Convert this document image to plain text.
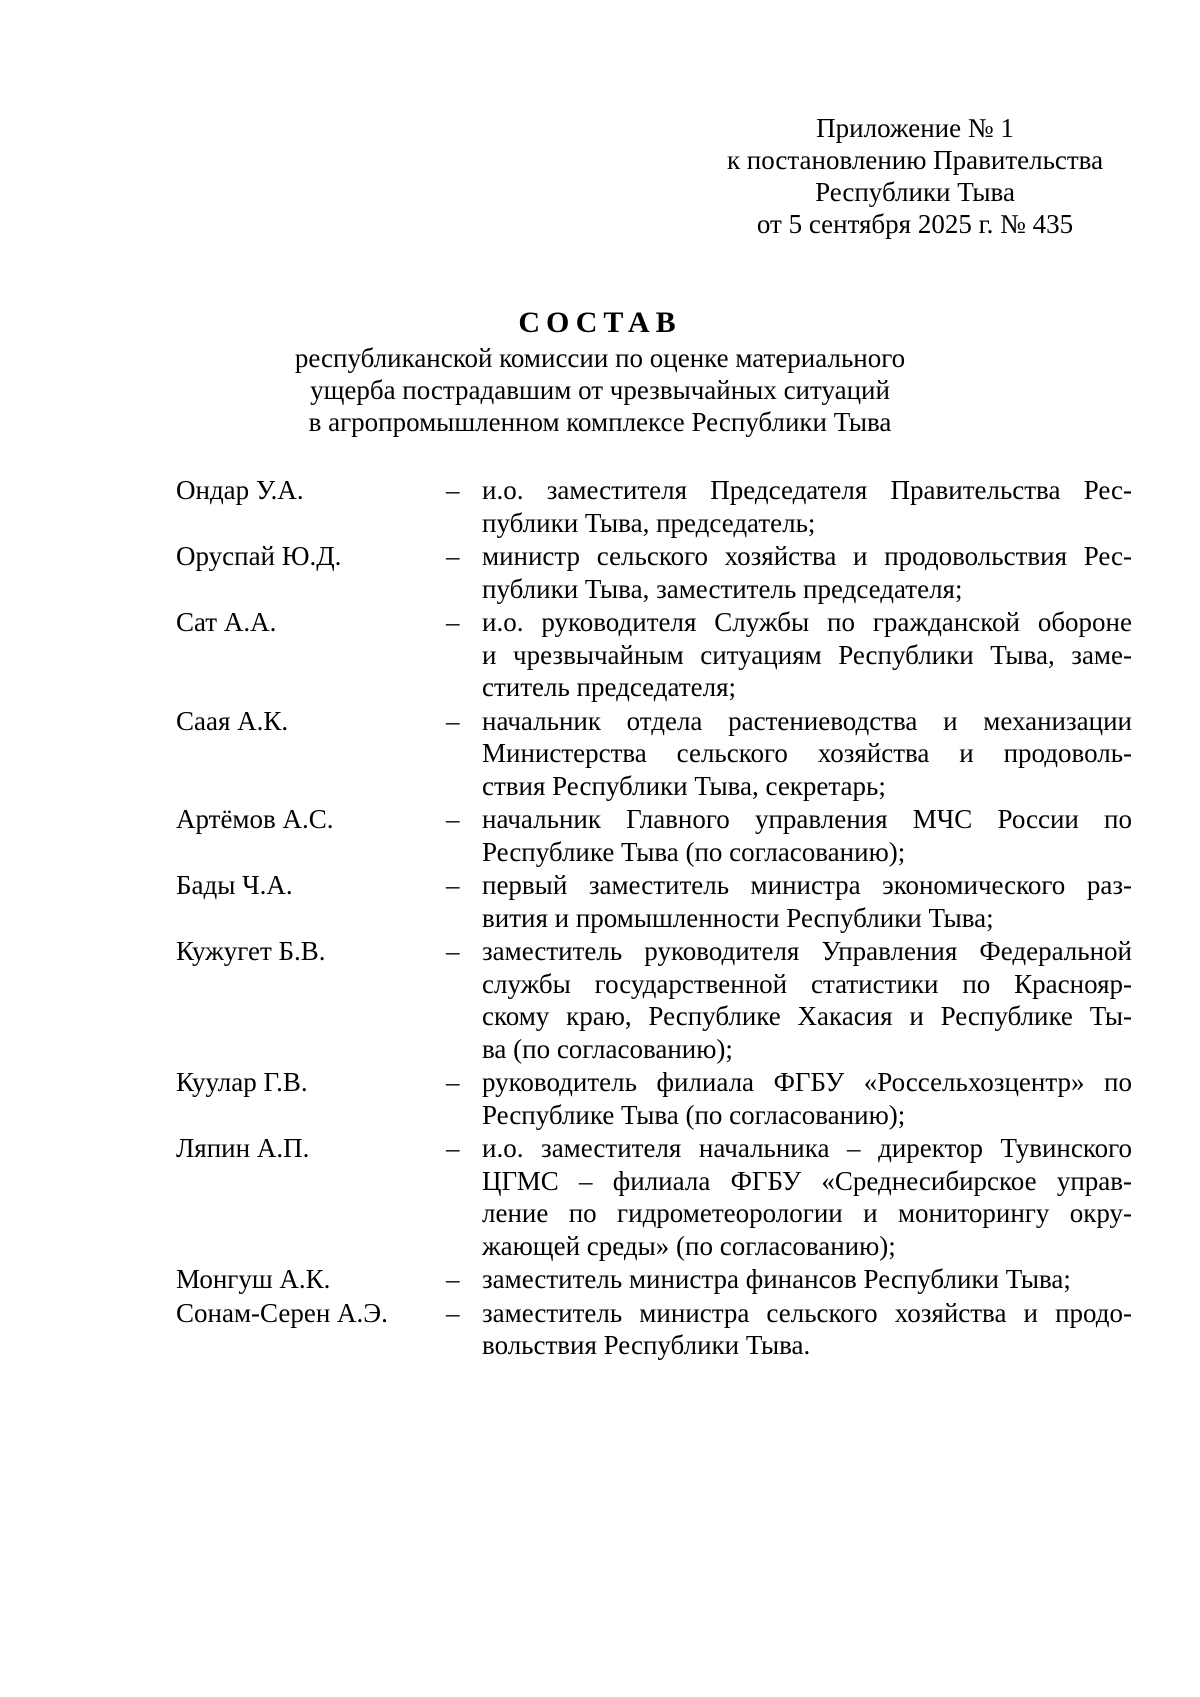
Приложение № 1
к постановлению Правительства
Республики Тыва
от 5 сентября 2025 г. № 435
СОСТАВ
республиканской комиссии по оценке материального
ущерба пострадавшим от чрезвычайных ситуаций
в агропромышленном комплексе Республики Тыва
Ондар У.А.	– и.о. заместителя Председателя Правительства Рес-
публики Тыва, председатель;
Оруспай Ю.Д.	– министр сельского хозяйства и продовольствия Рес-
публики Тыва, заместитель председателя;
Сат А.А.	– и.о. руководителя Службы по гражданской обороне
и чрезвычайным ситуациям Республики Тыва, заме-
ститель председателя;
Саая А.К.	– начальник отдела растениеводства и механизации
Министерства сельского хозяйства и продоволь-
ствия Республики Тыва, секретарь;
Артёмов А.С.	– начальник Главного управления МЧС России по
Республике Тыва (по согласованию);
Бады Ч.А.	– первый заместитель министра экономического раз-
вития и промышленности Республики Тыва;
Кужугет Б.В.	– заместитель руководителя Управления Федеральной
службы государственной статистики по Краснояр-
скому краю, Республике Хакасия и Республике Ты-
ва (по согласованию);
Куулар Г.В.	– руководитель филиала ФГБУ «Россельхозцентр» по
Республике Тыва (по согласованию);
Ляпин А.П.	– и.о. заместителя начальника – директор Тувинского
ЦГМС – филиала ФГБУ «Среднесибирское управ-
ление по гидрометеорологии и мониторингу окру-
жающей среды» (по согласованию);
Монгуш А.К.	– заместитель министра финансов Республики Тыва;
Сонам-Серен А.Э.	– заместитель министра сельского хозяйства и продо-
вольствия Республики Тыва.
